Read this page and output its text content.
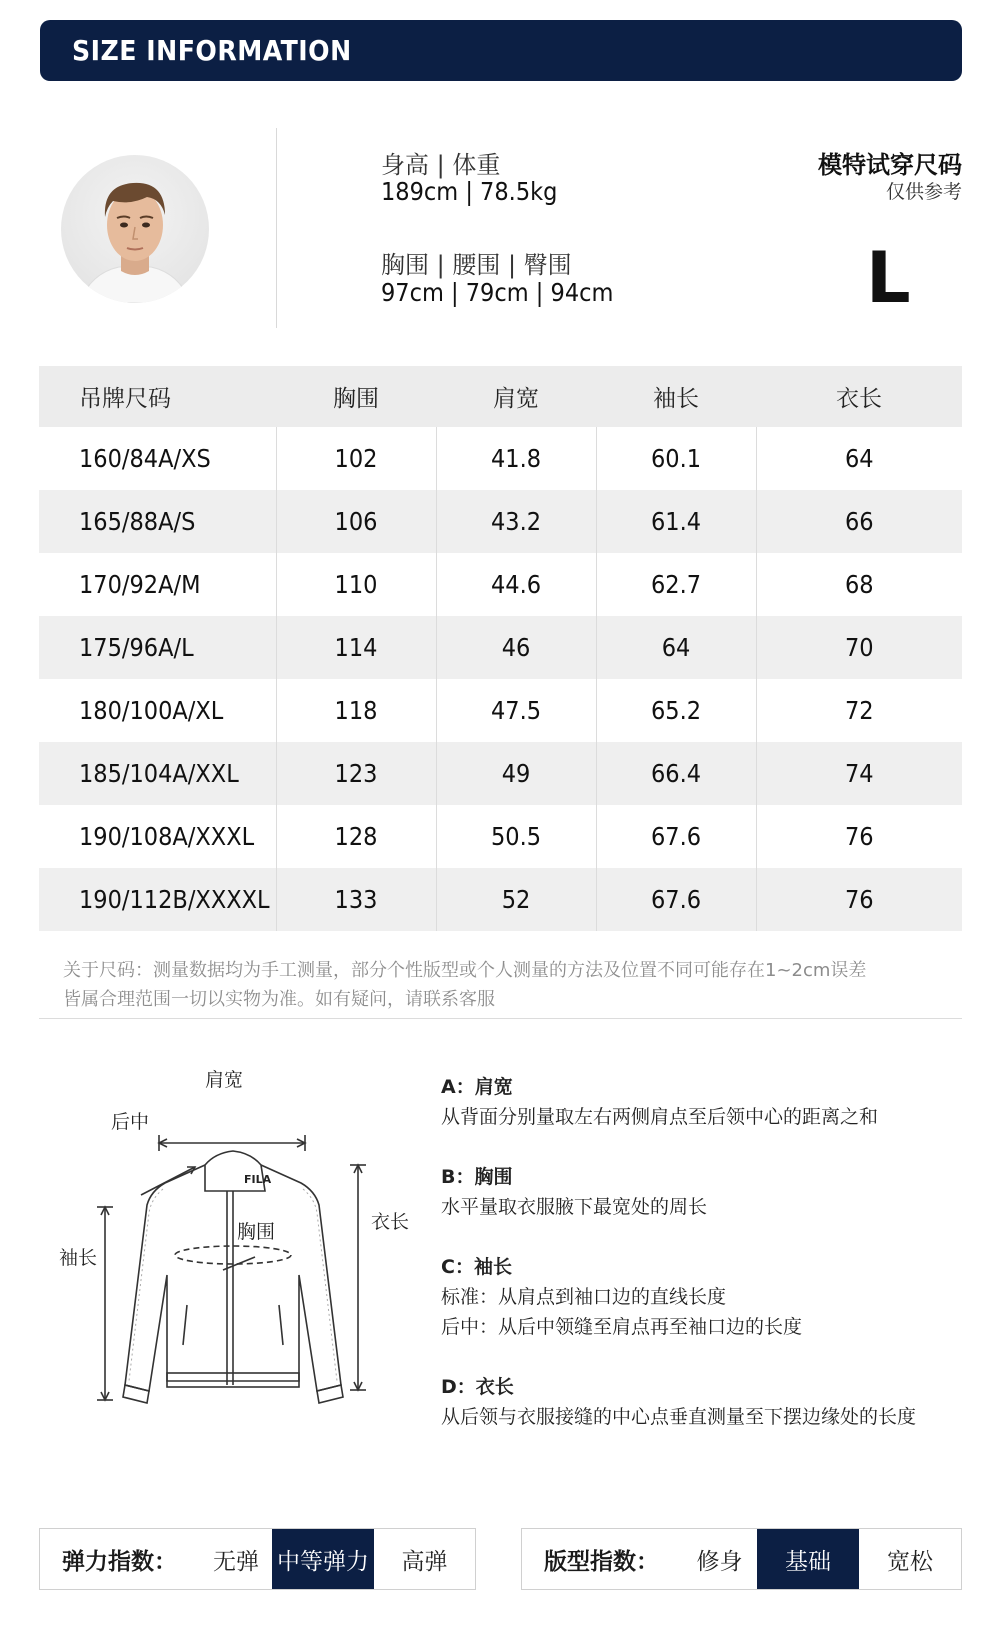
SIZE INFORMATION
身高 | 体重
189cm | 78.5kg
胸围 | 腰围 | 臀围
97cm | 79cm | 94cm
模特试穿尺码
仅供参考
L
吊牌尺码	胸围	肩宽	袖长	衣长
160/84A/XS	102	41.8	60.1	64
165/88A/S	106	43.2	61.4	66
170/92A/M	110	44.6	62.7	68
175/96A/L	114	46	64	70
180/100A/XL	118	47.5	65.2	72
185/104A/XXL	123	49	66.4	74
190/108A/XXXL	128	50.5	67.6	76
190/112B/XXXXL	133	52	67.6	76
关于尺码：测量数据均为手工测量，部分个性版型或个人测量的方法及位置不同可能存在1~2cm误差
皆属合理范围一切以实物为准。如有疑问，请联系客服
肩宽
后中
袖长
胸围	衣长
FILA
A：肩宽
从背面分别量取左右两侧肩点至后领中心的距离之和
B：胸围
水平量取衣服腋下最宽处的周长
C：袖长
标准：从肩点到袖口边的直线长度
后中：从后中领缝至肩点再至袖口边的长度
D：衣长
从后领与衣服接缝的中心点垂直测量至下摆边缘处的长度
弹力指数：	无弹 中等弹力	高弹	版型指数：	修身	基础	宽松
